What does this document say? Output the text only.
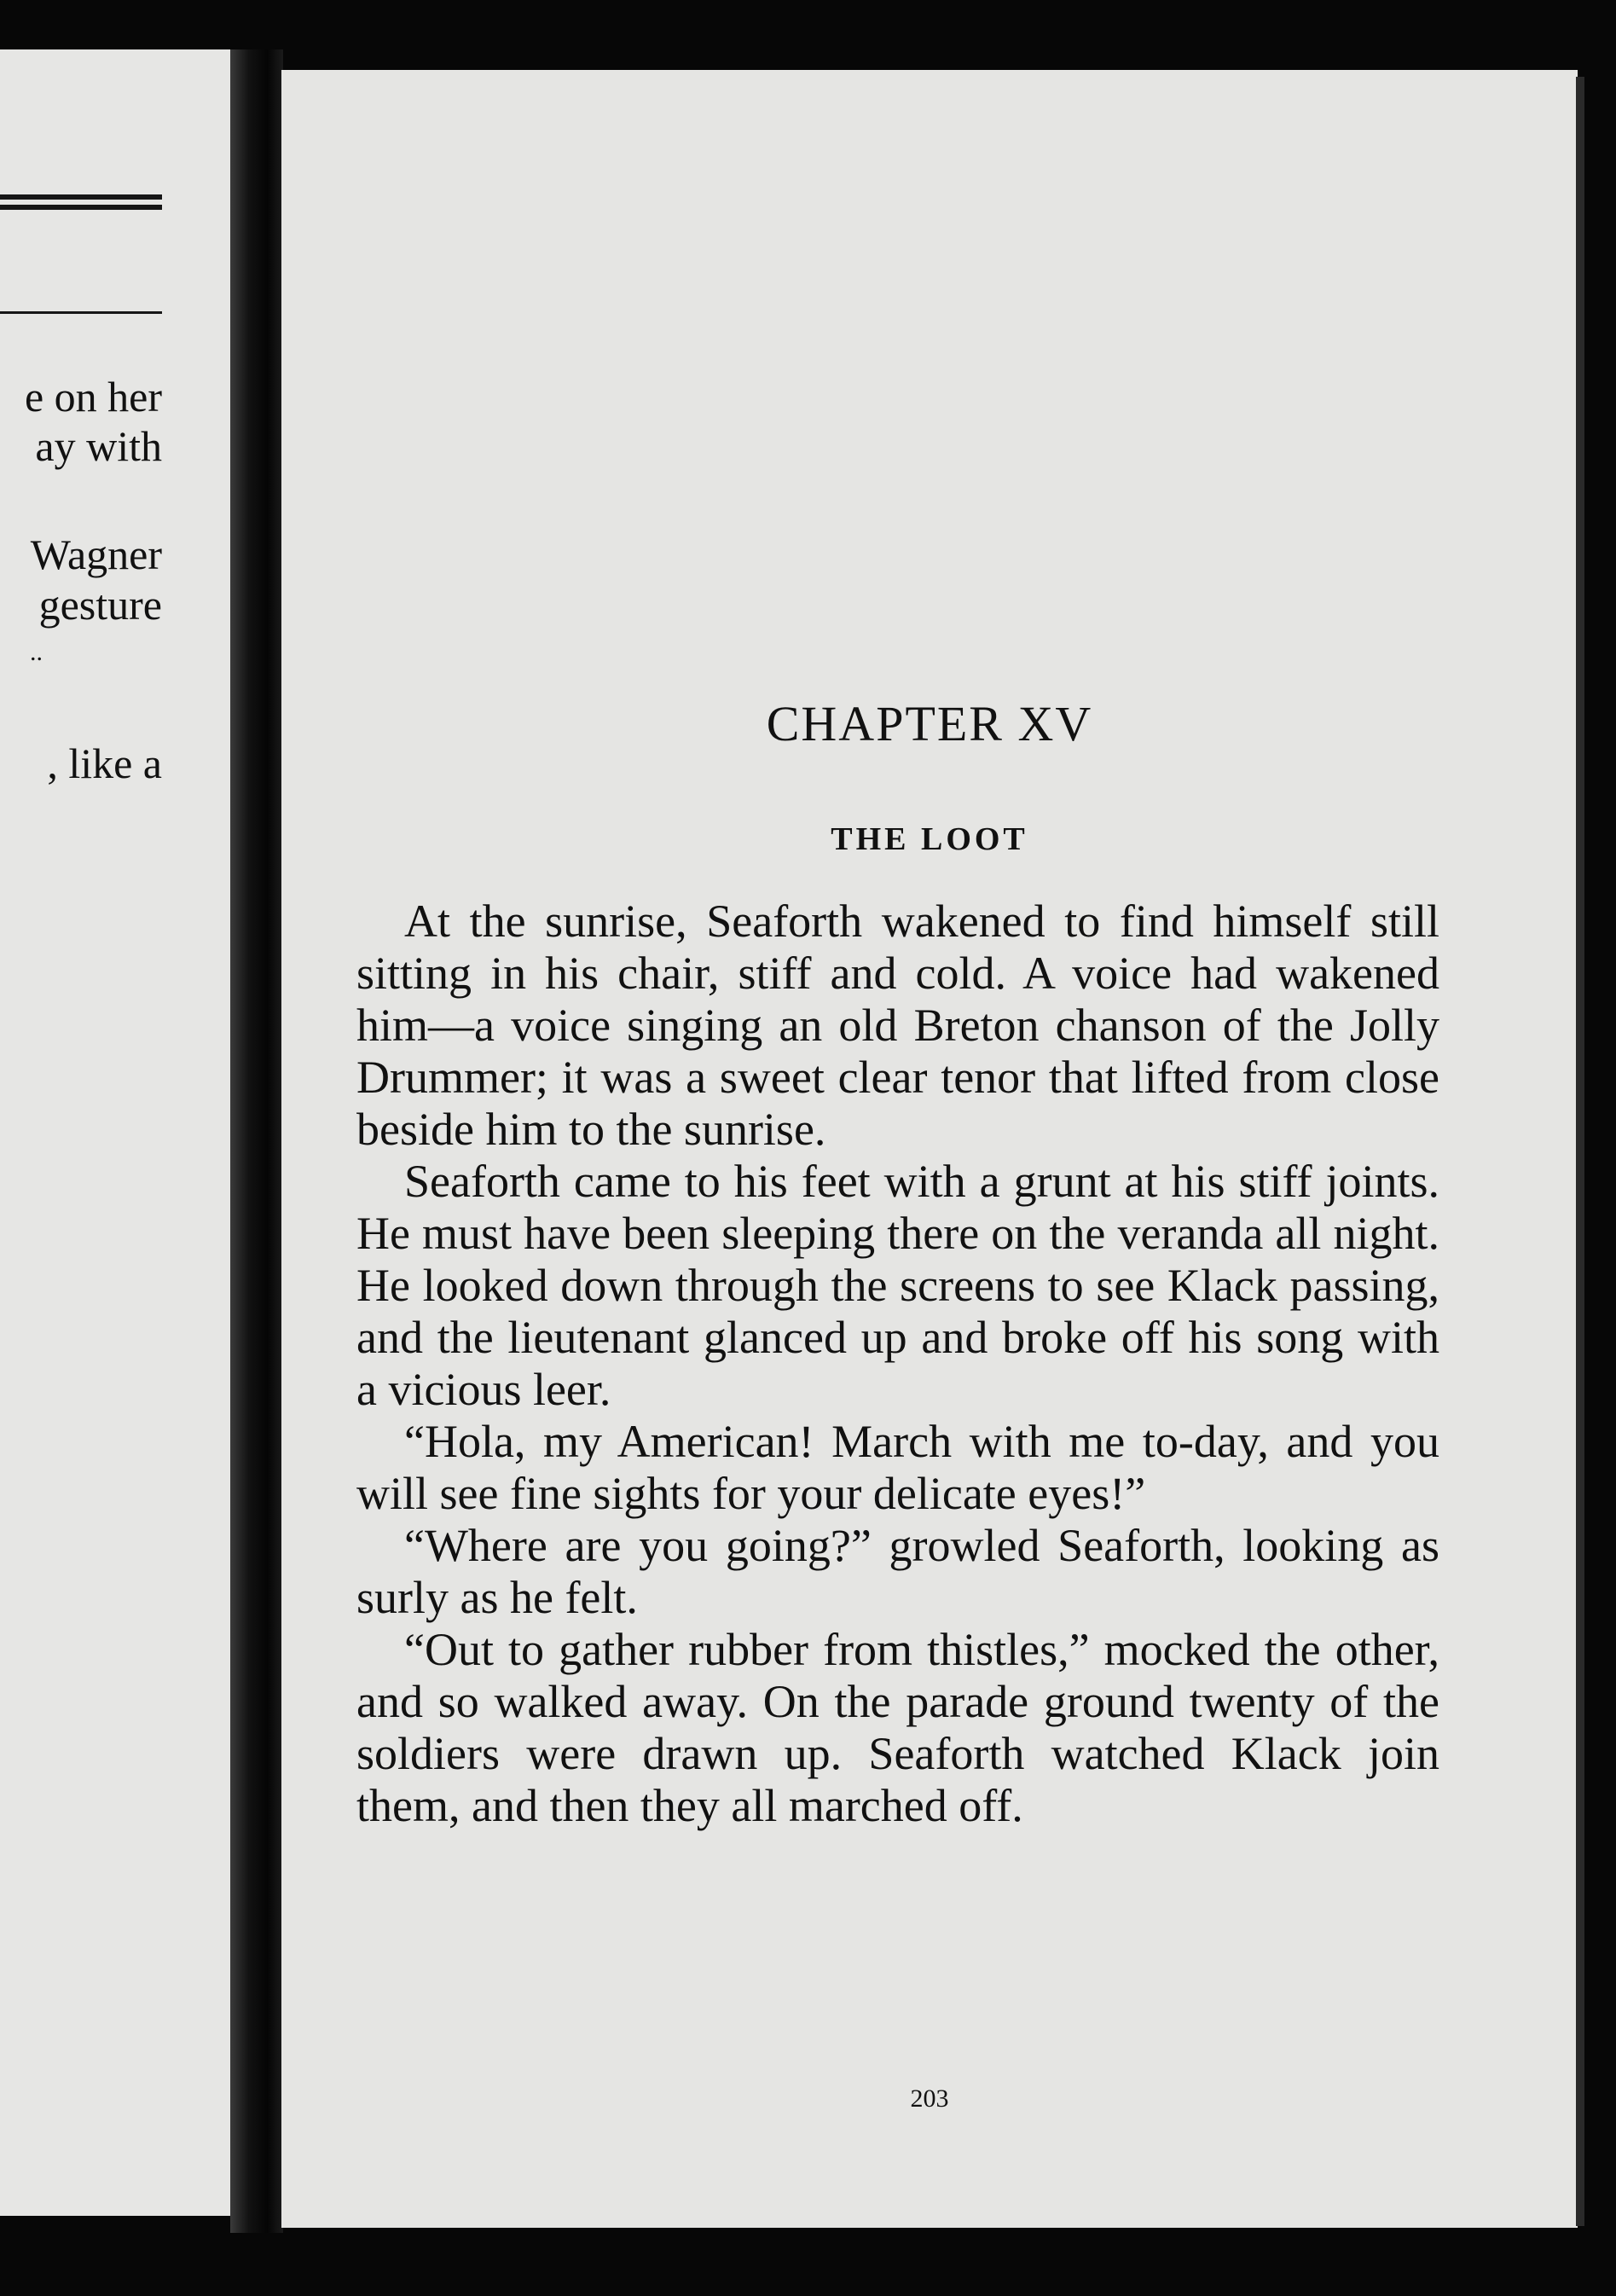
e on her
ay with
Wagner
gesture
..
, like a
CHAPTER XV
THE LOOT

At the sunrise, Seaforth wakened to find himself still sitting in his chair, stiff and cold. A voice had wakened him—a voice singing an old Breton chanson of the Jolly Drummer; it was a sweet clear tenor that lifted from close beside him to the sunrise.

Seaforth came to his feet with a grunt at his stiff joints. He must have been sleeping there on the veranda all night. He looked down through the screens to see Klack passing, and the lieutenant glanced up and broke off his song with a vicious leer.

“Hola, my American! March with me to-day, and you will see fine sights for your delicate eyes!”

“Where are you going?” growled Seaforth, looking as surly as he felt.

“Out to gather rubber from thistles,” mocked the other, and so walked away. On the parade ground twenty of the soldiers were drawn up. Seaforth watched Klack join them, and then they all marched off.

203
